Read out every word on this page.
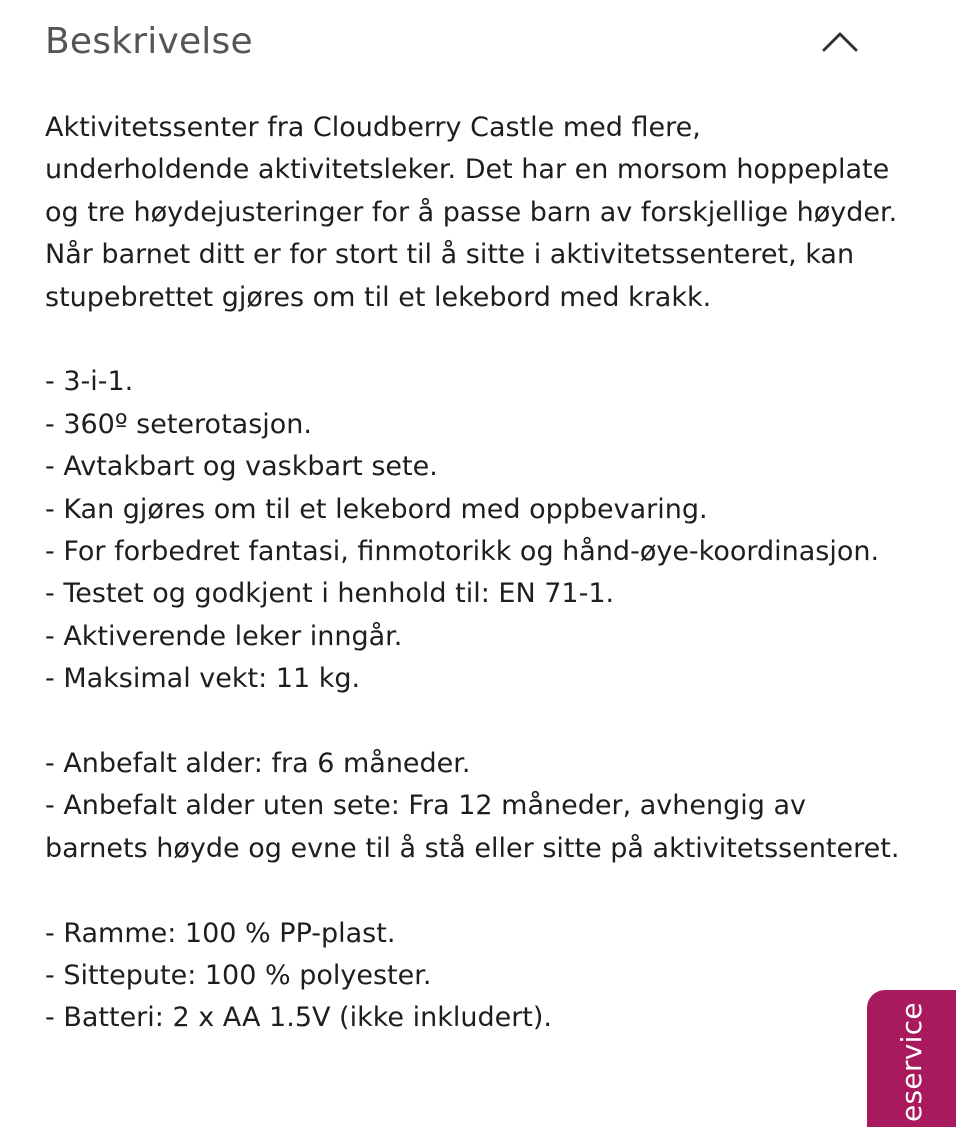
Beskrivelse

Aktivitetssenter fra Cloudberry Castle med flere, underholdende aktivitetsleker. Det har en morsom hoppeplate og tre høydejusteringer for å passe barn av forskjellige høyder. Når barnet ditt er for stort til å sitte i aktivitetssenteret, kan stupebrettet gjøres om til et lekebord med krakk.

- 3-i-1.

- 360º seterotasjon.

- Avtakbart og vaskbart sete.

- Kan gjøres om til et lekebord med oppbevaring.

- For forbedret fantasi, finmotorikk og hånd-øye-koordinasjon.

- Testet og godkjent i henhold til: EN 71-1.

- Aktiverende leker inngår.

- Maksimal vekt: 11 kg.

- Anbefalt alder: fra 6 måneder.

- Anbefalt alder uten sete: Fra 12 måneder, avhengig av barnets høyde og evne til å stå eller sitte på aktivitetssenteret.

- Ramme: 100 % PP-plast.

- Sittepute: 100 % polyester.

- Batteri: 2 x AA 1.5V (ikke inkludert).	eservice
